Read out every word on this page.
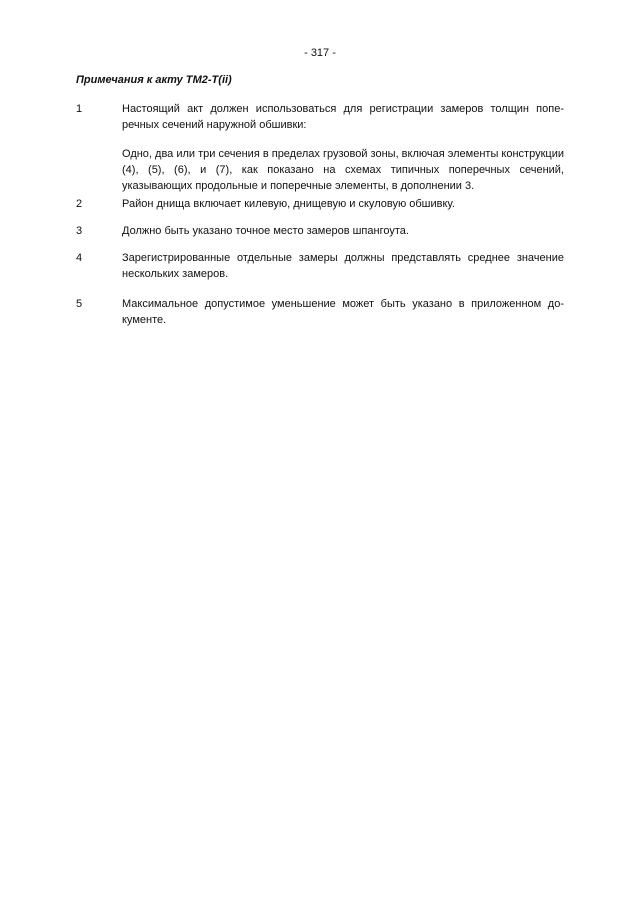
- 317 -
Примечания к акту ТМ2-T(ii)
1	Настоящий акт должен использоваться для регистрации замеров толщин поперечных сечений наружной обшивки:

Одно, два или три сечения в пределах грузовой зоны, включая элементы конструкции (4), (5), (6), и (7), как показано на схемах типичных поперечных сечений, указывающих продольные и поперечные элементы, в дополнении 3.

2	Район днища включает килевую, днищевую и скуловую обшивку.

3	Должно быть указано точное место замеров шпангоута.

4	Зарегистрированные отдельные замеры должны представлять среднее значение нескольких замеров.

5	Максимальное допустимое уменьшение может быть указано в приложенном документе.
